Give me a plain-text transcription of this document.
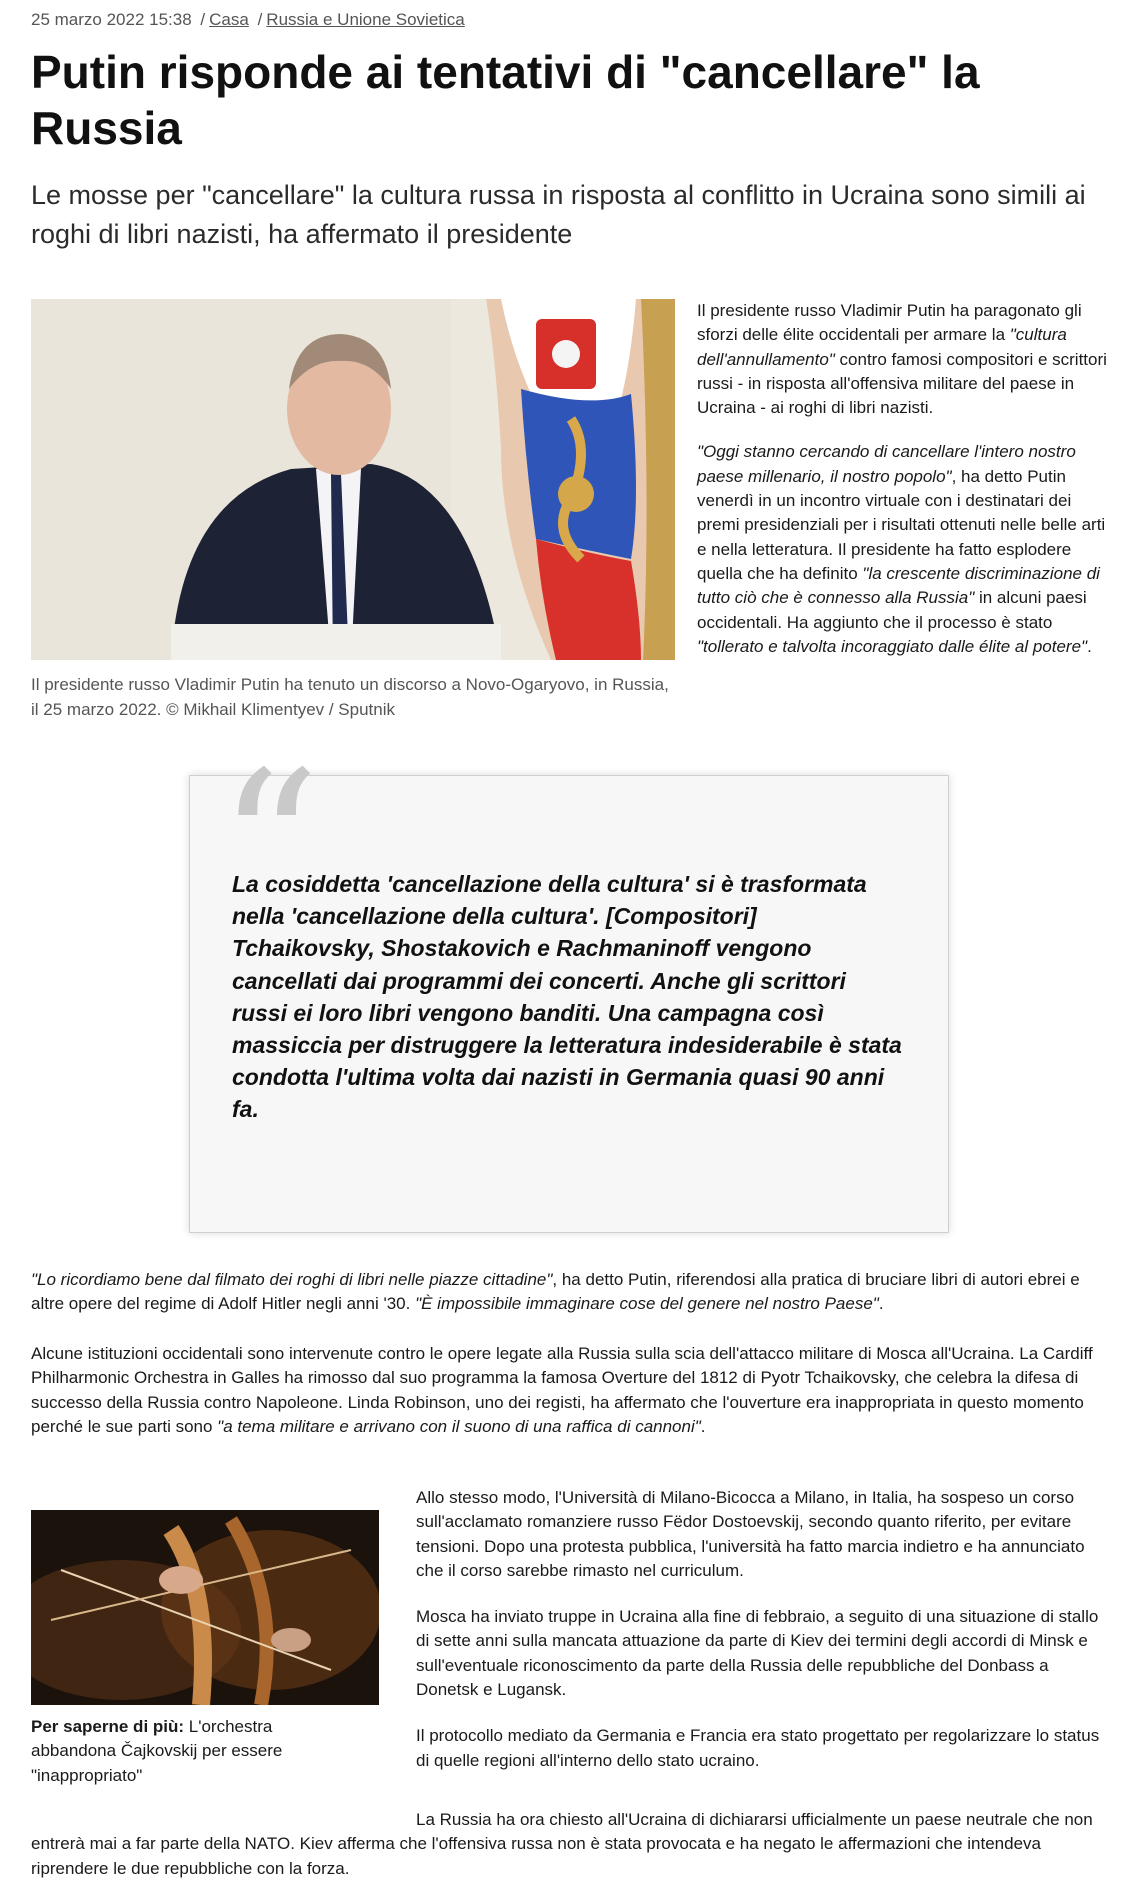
25 marzo 2022 15:38 / Casa / Russia e Unione Sovietica
Putin risponde ai tentativi di "cancellare" la Russia

Le mosse per "cancellare" la cultura russa in risposta al conflitto in Ucraina sono simili ai roghi di libri nazisti, ha affermato il presidente

Il presidente russo Vladimir Putin ha tenuto un discorso a Novo-Ogaryovo, in Russia, il 25 marzo 2022. © Mikhail Klimentyev / Sputnik

Il presidente russo Vladimir Putin ha paragonato gli sforzi delle élite occidentali per armare la "cultura dell'annullamento" contro famosi compositori e scrittori russi - in risposta all'offensiva militare del paese in Ucraina - ai roghi di libri nazisti.

"Oggi stanno cercando di cancellare l'intero nostro paese millenario, il nostro popolo", ha detto Putin venerdì in un incontro virtuale con i destinatari dei premi presidenziali per i risultati ottenuti nelle belle arti e nella letteratura. Il presidente ha fatto esplodere quella che ha definito "la crescente discriminazione di tutto ciò che è connesso alla Russia" in alcuni paesi occidentali. Ha aggiunto che il processo è stato "tollerato e talvolta incoraggiato dalle élite al potere".

“

La cosiddetta 'cancellazione della cultura' si è trasformata nella 'cancellazione della cultura'. [Compositori] Tchaikovsky, Shostakovich e Rachmaninoff vengono cancellati dai programmi dei concerti. Anche gli scrittori russi ei loro libri vengono banditi. Una campagna così massiccia per distruggere la letteratura indesiderabile è stata condotta l'ultima volta dai nazisti in Germania quasi 90 anni fa.

"Lo ricordiamo bene dal filmato dei roghi di libri nelle piazze cittadine", ha detto Putin, riferendosi alla pratica di bruciare libri di autori ebrei e altre opere del regime di Adolf Hitler negli anni '30. "È impossibile immaginare cose del genere nel nostro Paese".

Alcune istituzioni occidentali sono intervenute contro le opere legate alla Russia sulla scia dell'attacco militare di Mosca all'Ucraina. La Cardiff Philharmonic Orchestra in Galles ha rimosso dal suo programma la famosa Overture del 1812 di Pyotr Tchaikovsky, che celebra la difesa di successo della Russia contro Napoleone. Linda Robinson, uno dei registi, ha affermato che l'ouverture era inappropriata in questo momento perché le sue parti sono "a tema militare e arrivano con il suono di una raffica di cannoni".

Per saperne di più: L'orchestra abbandona Čajkovskij per essere "inappropriato"

Allo stesso modo, l'Università di Milano-Bicocca a Milano, in Italia, ha sospeso un corso sull'acclamato romanziere russo Fëdor Dostoevskij, secondo quanto riferito, per evitare tensioni. Dopo una protesta pubblica, l'università ha fatto marcia indietro e ha annunciato che il corso sarebbe rimasto nel curriculum.

Mosca ha inviato truppe in Ucraina alla fine di febbraio, a seguito di una situazione di stallo di sette anni sulla mancata attuazione da parte di Kiev dei termini degli accordi di Minsk e sull'eventuale riconoscimento da parte della Russia delle repubbliche del Donbass a Donetsk e Lugansk.

Il protocollo mediato da Germania e Francia era stato progettato per regolarizzare lo status di quelle regioni all'interno dello stato ucraino.

La Russia ha ora chiesto all'Ucraina di dichiararsi ufficialmente un paese neutrale che non entrerà mai a far parte della NATO. Kiev afferma che l'offensiva russa non è stata provocata e ha negato le affermazioni che intendeva riprendere le due repubbliche con la forza.
